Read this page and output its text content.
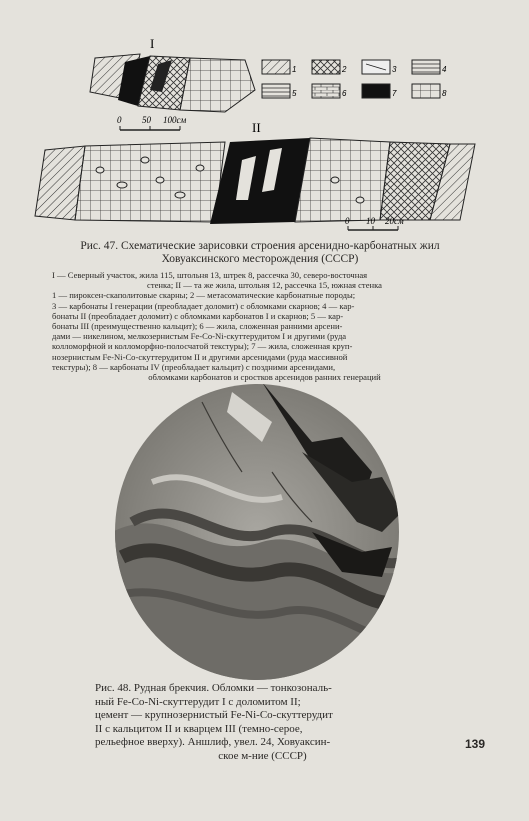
I
1	2	3	4
5	6	7	8
0 50 100см	II
0 10 20см
Рис. 47. Схематические зарисовки строения арсенидно-карбонатных жил
Ховуаксинского месторождения (СССР)
I — Северный участок, жила 115, штольня 13, штрек 8, рассечка 30, северо-восточная
стенка; II — та же жила, штольня 12, рассечка 15, южная стенка
1 — пироксен-скаполитовые скарны; 2 — метасоматические карбонатные породы;
3 — карбонаты I генерации (преобладает доломит) с обломками скарнов; 4 — кар-
бонаты II (преобладает доломит) с обломками карбонатов I и скарнов; 5 — кар-
бонаты III (преимущественно кальцит); 6 — жила, сложенная ранними арсени-
дами — никелином, мелкозернистым Fe-Co-Ni-скуттерудитом I и другими (руда
колломорфной и колломорфно-полосчатой текстуры); 7 — жила, сложенная круп-
нозернистым Fe-Ni-Co-скуттерудитом II и другими арсенидами (руда массивной
текстуры); 8 — карбонаты IV (преобладает кальцит) с поздними арсенидами,
обломками карбонатов и сростков арсенидов ранних генераций
Рис. 48. Рудная брекчия. Обломки — тонкозональ-
ный Fe-Co-Ni-скуттерудит I с доломитом II;
цемент — крупнозернистый Fe-Ni-Co-скуттерудит
II с кальцитом II и кварцем III (темно-серое,
рельефное вверху). Аншлиф, увел. 24, Ховуаксин-
ское м-ние (СССР)
139
